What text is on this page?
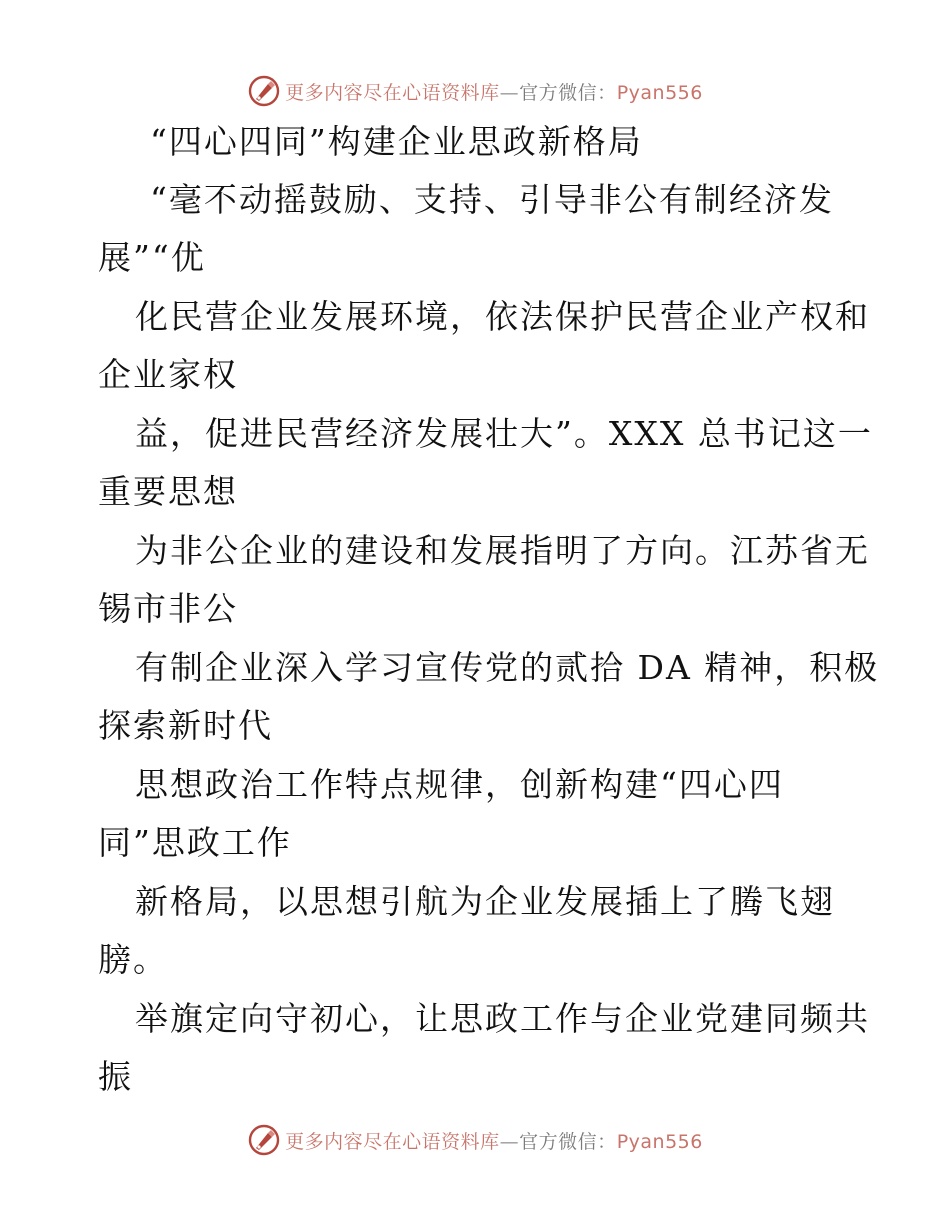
更多内容尽在心语资料库—官方微信：Pyan556
“四心四同”构建企业思政新格局
“毫不动摇鼓励、支持、引导非公有制经济发
展”“优
化民营企业发展环境，依法保护民营企业产权和
企业家权
益，促进民营经济发展壮大”。XXX 总书记这一
重要思想
为非公企业的建设和发展指明了方向。江苏省无
锡市非公
有制企业深入学习宣传党的贰拾 DA 精神，积极
探索新时代
思想政治工作特点规律，创新构建“四心四
同”思政工作
新格局，以思想引航为企业发展插上了腾飞翅
膀。
举旗定向守初心，让思政工作与企业党建同频共
振
更多内容尽在心语资料库—官方微信：Pyan556
